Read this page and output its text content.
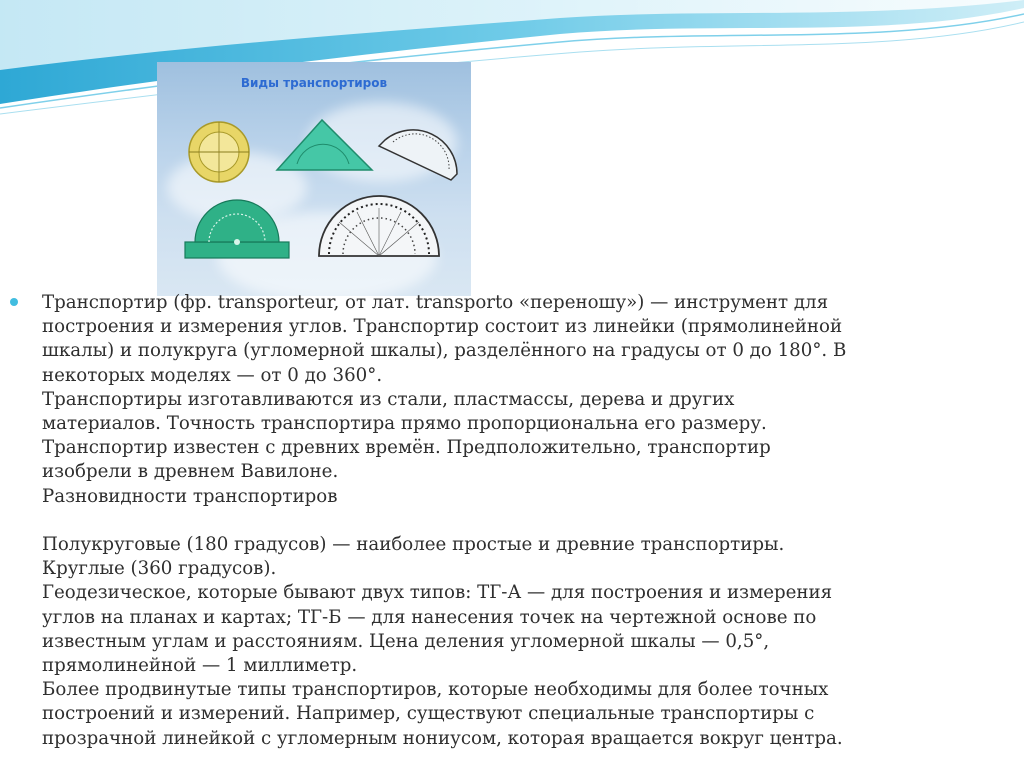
Виды транспортиров

Транспортир (фр. transporteur, от лат. transporto «переношу») — инструмент для

построения и измерения углов. Транспортир состоит из линейки (прямолинейной

шкалы) и полукруга (угломерной шкалы), разделённого на градусы от 0 до 180°. В

некоторых моделях — от 0 до 360°.

Транспортиры изготавливаются из стали, пластмассы, дерева и других

материалов. Точность транспортира прямо пропорциональна его размеру.

Транспортир известен с древних времён. Предположительно, транспортир

изобрели в древнем Вавилоне.

Разновидности транспортиров

Полукруговые (180 градусов) — наиболее простые и древние транспортиры.

Круглые (360 градусов).

Геодезическое, которые бывают двух типов: ТГ-А — для построения и измерения

углов на планах и картах; ТГ-Б — для нанесения точек на чертежной основе по

известным углам и расстояниям. Цена деления угломерной шкалы — 0,5°,

прямолинейной — 1 миллиметр.

Более продвинутые типы транспортиров, которые необходимы для более точных

построений и измерений. Например, существуют специальные транспортиры с

прозрачной линейкой с угломерным нониусом, которая вращается вокруг центра.
